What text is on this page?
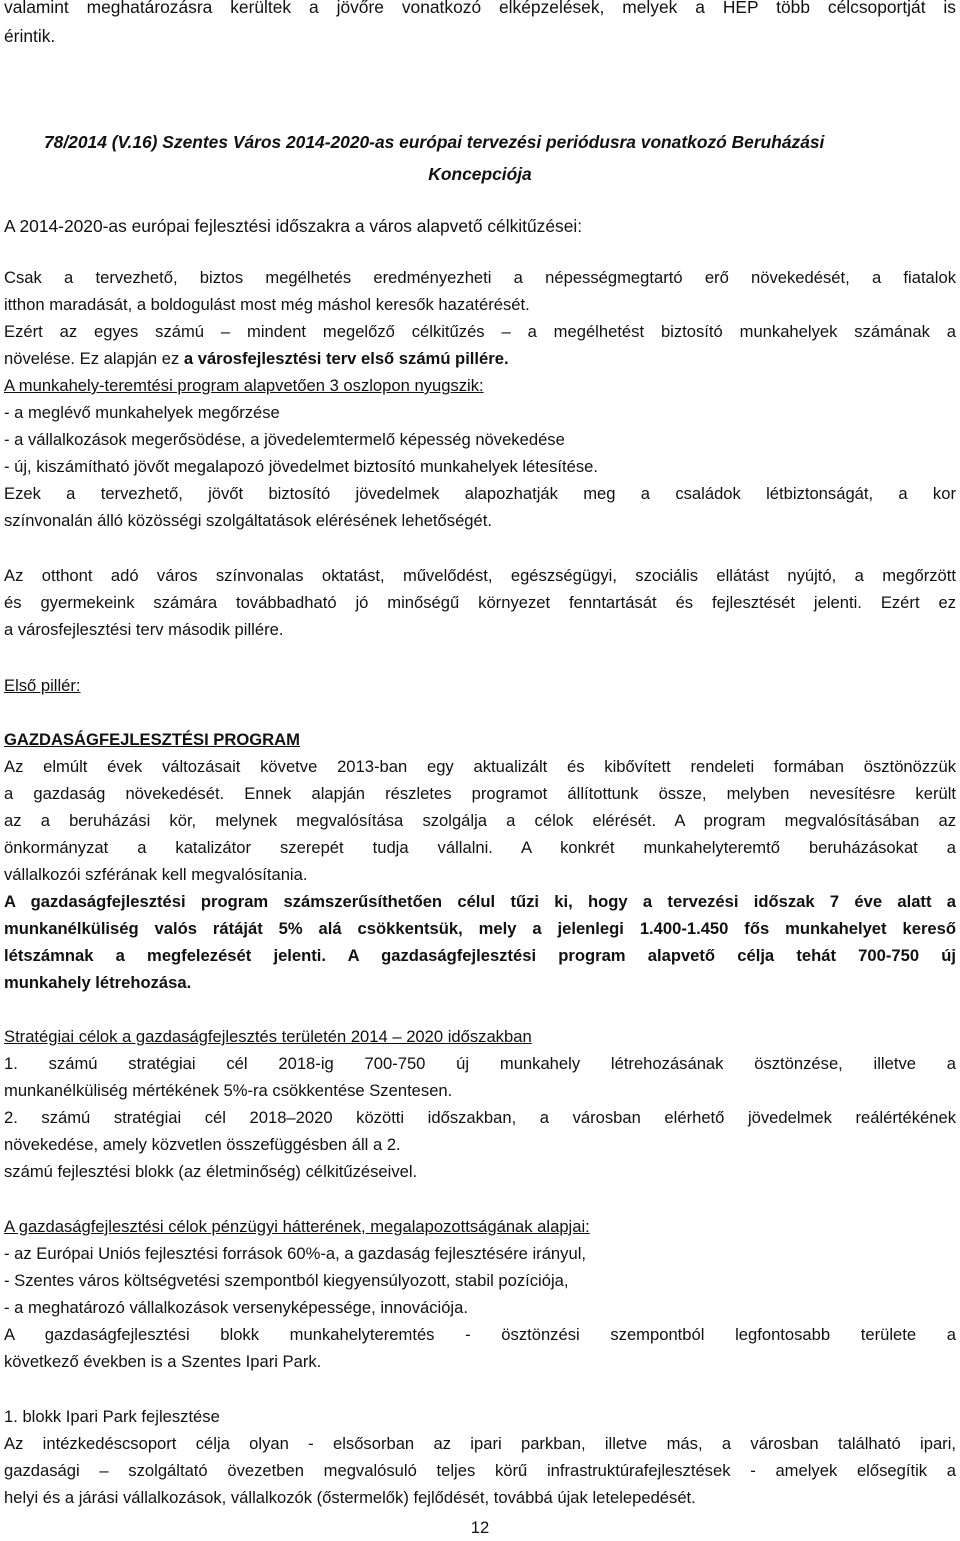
valamint meghatározásra kerültek a jövőre vonatkozó elképzelések, melyek a HEP több célcsoportját is
érintik.
78/2014 (V.16) Szentes Város 2014-2020-as európai tervezési periódusra vonatkozó Beruházási
Koncepciója
A 2014-2020-as európai fejlesztési időszakra a város alapvető célkitűzései:
Csak a tervezhető, biztos megélhetés eredményezheti a népességmegtartó erő növekedését, a fiatalok
itthon maradását, a boldogulást most még máshol keresők hazatérését.
Ezért az egyes számú – mindent megelőző célkitűzés – a megélhetést biztosító munkahelyek számának a
növelése. Ez alapján ez a városfejlesztési terv első számú pillére.
A munkahely-teremtési program alapvetően 3 oszlopon nyugszik:
- a meglévő munkahelyek megőrzése
- a vállalkozások megerősödése, a jövedelemtermelő képesség növekedése
- új, kiszámítható jövőt megalapozó jövedelmet biztosító munkahelyek létesítése.
Ezek a tervezhető, jövőt biztosító jövedelmek alapozhatják meg a családok létbiztonságát, a kor
színvonalán álló közösségi szolgáltatások elérésének lehetőségét.
Az otthont adó város színvonalas oktatást, művelődést, egészségügyi, szociális ellátást nyújtó, a megőrzött
és gyermekeink számára továbbadható jó minőségű környezet fenntartását és fejlesztését jelenti. Ezért ez
a városfejlesztési terv második pillére.
Első pillér:
GAZDASÁGFEJLESZTÉSI PROGRAM
Az elmúlt évek változásait követve 2013-ban egy aktualizált és kibővített rendeleti formában ösztönözzük
a gazdaság növekedését. Ennek alapján részletes programot állítottunk össze, melyben nevesítésre került
az a beruházási kör, melynek megvalósítása szolgálja a célok elérését. A program megvalósításában az
önkormányzat a katalizátor szerepét tudja vállalni. A konkrét munkahelyteremtő beruházásokat a
vállalkozói szférának kell megvalósítania.
A gazdaságfejlesztési program számszerűsíthetően célul tűzi ki, hogy a tervezési időszak 7 éve alatt a
munkanélküliség valós rátáját 5% alá csökkentsük, mely a jelenlegi 1.400-1.450 fős munkahelyet kereső
létszámnak a megfelezését jelenti. A gazdaságfejlesztési program alapvető célja tehát 700-750 új
munkahely létrehozása.
Stratégiai célok a gazdaságfejlesztés területén 2014 – 2020 időszakban
1. számú stratégiai cél 2018-ig 700-750 új munkahely létrehozásának ösztönzése, illetve a
munkanélküliség mértékének 5%-ra csökkentése Szentesen.
2. számú stratégiai cél 2018–2020 közötti időszakban, a városban elérhető jövedelmek reálértékének
növekedése, amely közvetlen összefüggésben áll a 2.
számú fejlesztési blokk (az életminőség) célkitűzéseivel.
A gazdaságfejlesztési célok pénzügyi hátterének, megalapozottságának alapjai:
- az Európai Uniós fejlesztési források 60%-a, a gazdaság fejlesztésére irányul,
- Szentes város költségvetési szempontból kiegyensúlyozott, stabil pozíciója,
- a meghatározó vállalkozások versenyképessége, innovációja.
A gazdaságfejlesztési blokk munkahelyteremtés - ösztönzési szempontból legfontosabb területe a
következő években is a Szentes Ipari Park.
1. blokk Ipari Park fejlesztése
Az intézkedéscsoport célja olyan - elsősorban az ipari parkban, illetve más, a városban található ipari,
gazdasági – szolgáltató övezetben megvalósuló teljes körű infrastruktúrafejlesztések - amelyek elősegítik a
helyi és a járási vállalkozások, vállalkozók (őstermelők) fejlődését, továbbá újak letelepedését.
12
